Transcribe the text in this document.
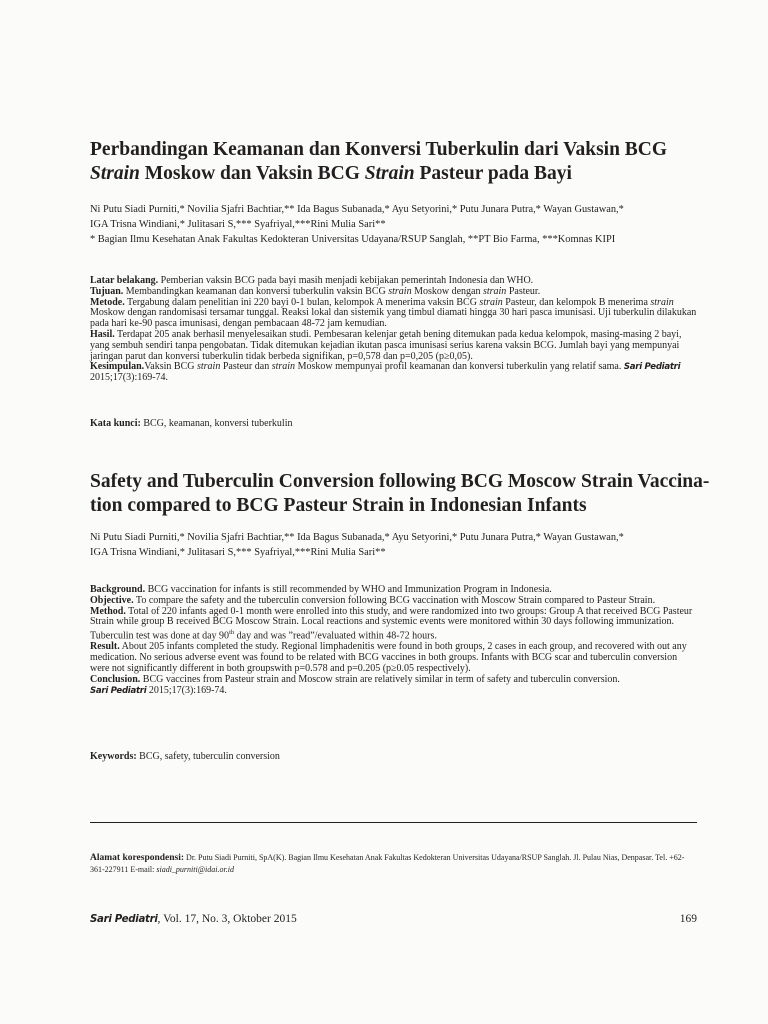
Perbandingan Keamanan dan Konversi Tuberkulin dari Vaksin BCG
Strain Moskow dan Vaksin BCG Strain Pasteur pada Bayi
Ni Putu Siadi Purniti,* Novilia Sjafri Bachtiar,** Ida Bagus Subanada,* Ayu Setyorini,* Putu Junara Putra,* Wayan Gustawan,*
IGA Trisna Windiani,* Julitasari S,*** Syafriyal,***Rini Mulia Sari**
* Bagian Ilmu Kesehatan Anak Fakultas Kedokteran Universitas Udayana/RSUP Sanglah, **PT Bio Farma, ***Komnas KIPI

Latar belakang. Pemberian vaksin BCG pada bayi masih menjadi kebijakan pemerintah Indonesia dan WHO.

Tujuan. Membandingkan keamanan dan konversi tuberkulin vaksin BCG strain Moskow dengan strain Pasteur.

Metode. Tergabung dalam penelitian ini 220 bayi 0-1 bulan, kelompok A menerima vaksin BCG strain Pasteur, dan kelompok B menerima strain Moskow dengan randomisasi tersamar tunggal. Reaksi lokal dan sistemik yang timbul diamati hingga 30 hari pasca imunisasi. Uji tuberkulin dilakukan pada hari ke-90 pasca imunisasi, dengan pembacaan 48-72 jam kemudian.

Hasil. Terdapat 205 anak berhasil menyelesaikan studi. Pembesaran kelenjar getah bening ditemukan pada kedua kelompok, masing-masing 2 bayi, yang sembuh sendiri tanpa pengobatan. Tidak ditemukan kejadian ikutan pasca imunisasi serius karena vaksin BCG. Jumlah bayi yang mempunyai jaringan parut dan konversi tuberkulin tidak berbeda signifikan, p=0,578 dan p=0,205 (p≥0,05).

Kesimpulan.Vaksin BCG strain Pasteur dan strain Moskow mempunyai profil keamanan dan konversi tuberkulin yang relatif sama. Sari Pediatri 2015;17(3):169-74.

Kata kunci: BCG, keamanan, konversi tuberkulin

Safety and Tuberculin Conversion following BCG Moscow Strain Vaccina-
tion compared to BCG Pasteur Strain in Indonesian Infants
Ni Putu Siadi Purniti,* Novilia Sjafri Bachtiar,** Ida Bagus Subanada,* Ayu Setyorini,* Putu Junara Putra,* Wayan Gustawan,*
IGA Trisna Windiani,* Julitasari S,*** Syafriyal,***Rini Mulia Sari**

Background. BCG vaccination for infants is still recommended by WHO and Immunization Program in Indonesia.

Objective. To compare the safety and the tuberculin conversion following BCG vaccination with Moscow Strain compared to Pasteur Strain.

Method. Total of 220 infants aged 0-1 month were enrolled into this study, and were randomized into two groups: Group A that received BCG Pasteur Strain while group B received BCG Moscow Strain. Local reactions and systemic events were monitored within 30 days following immunization. Tuberculin test was done at day 90th day and was ”read”/evaluated within 48-72 hours.

Result. About 205 infants completed the study. Regional limphadenitis were found in both groups, 2 cases in each group, and recovered with out any medication. No serious adverse event was found to be related with BCG vaccines in both groups. Infants with BCG scar and tuberculin conversion were not significantly different in both groupswith p=0.578 and p=0.205 (p≥0.05 respectively).

Conclusion. BCG vaccines from Pasteur strain and Moscow strain are relatively similar in term of safety and tuberculin conversion.
Sari Pediatri 2015;17(3):169-74.

Keywords: BCG, safety, tuberculin conversion

Alamat korespondensi: Dr. Putu Siadi Purniti, SpA(K). Bagian Ilmu Kesehatan Anak Fakultas Kedokteran Universitas Udayana/RSUP Sanglah. Jl. Pulau Nias, Denpasar. Tel. +62-361-227911 E-mail: siadi_purniti@idai.or.id

Sari Pediatri, Vol. 17, No. 3, Oktober 2015	169
